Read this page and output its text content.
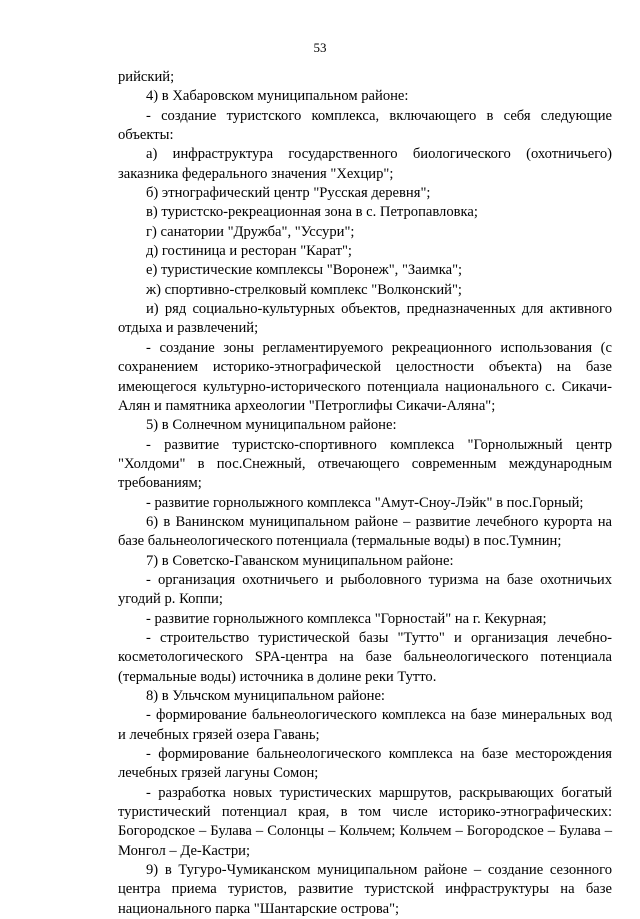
53

рийский;

4) в Хабаровском муниципальном районе:

- создание туристского комплекса, включающего в себя следующие объекты:

а) инфраструктура государственного биологического (охотничьего) заказника федерального значения "Хехцир";

б) этнографический центр "Русская деревня";

в) туристско-рекреационная зона в с. Петропавловка;

г) санатории "Дружба", "Уссури";

д) гостиница и ресторан "Карат";

е) туристические комплексы "Воронеж", "Заимка";

ж) спортивно-стрелковый комплекс "Волконский";

и) ряд социально-культурных объектов, предназначенных для активного отдыха и развлечений;

- создание зоны регламентируемого рекреационного использования (с сохранением историко-этнографической целостности объекта) на базе имеющегося культурно-исторического потенциала национального с. Сикачи-Алян и памятника археологии "Петроглифы Сикачи-Аляна";

5) в Солнечном муниципальном районе:

- развитие туристско-спортивного комплекса "Горнолыжный центр "Холдоми" в пос.Снежный, отвечающего современным международным требованиям;

- развитие горнолыжного комплекса "Амут-Сноу-Лэйк" в пос.Горный;

6) в Ванинском муниципальном районе – развитие лечебного курорта на базе бальнеологического потенциала (термальные воды) в пос.Тумнин;

7) в Советско-Гаванском муниципальном районе:

- организация охотничьего и рыболовного туризма на базе охотничьих угодий р. Коппи;

- развитие горнолыжного комплекса "Горностай" на г. Кекурная;

- строительство туристической базы "Тутто" и организация лечебно-косметологического SPA-центра на базе бальнеологического потенциала (термальные воды) источника в долине реки Тутто.

8) в Ульчском муниципальном районе:

- формирование бальнеологического комплекса на базе минеральных вод и лечебных грязей озера Гавань;

- формирование бальнеологического комплекса на базе месторождения лечебных грязей лагуны Сомон;

- разработка новых туристических маршрутов, раскрывающих богатый туристический потенциал края, в том числе историко-этнографических: Богородское – Булава – Солонцы – Кольчем; Кольчем – Богородское – Булава – Монгол – Де-Кастри;

9) в Тугуро-Чумиканском муниципальном районе – создание сезонного центра приема туристов, развитие туристской инфраструктуры на базе национального парка "Шантарские острова";
